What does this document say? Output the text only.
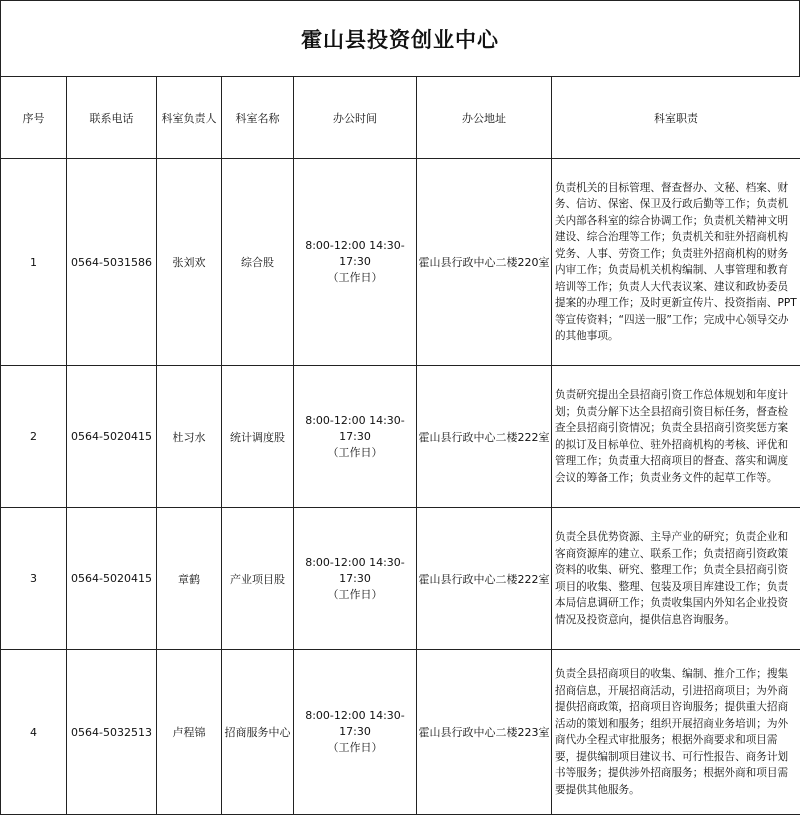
霍山县投资创业中心
序号	联系电话	科室负责人	科室名称	办公时间	办公地址	科室职责
1	0564-5031586	张刘欢	综合股	8:00-12:00 14:30-17:30
（工作日）	霍山县行政中心二楼220室	负责机关的目标管理、督查督办、文秘、档案、财务、信访、保密、保卫及行政后勤等工作；负责机关内部各科室的综合协调工作；负责机关精神文明建设、综合治理等工作；负责机关和驻外招商机构党务、人事、劳资工作；负责驻外招商机构的财务内审工作；负责局机关机构编制、人事管理和教育培训等工作；负责人大代表议案、建议和政协委员提案的办理工作；及时更新宣传片、投资指南、PPT等宣传资料；“四送一服”工作；完成中心领导交办的其他事项。
2	0564-5020415	杜习水	统计调度股	8:00-12:00 14:30-17:30
（工作日）	霍山县行政中心二楼222室	负责研究提出全县招商引资工作总体规划和年度计划；负责分解下达全县招商引资目标任务，督查检查全县招商引资情况；负责全县招商引资奖惩方案的拟订及目标单位、驻外招商机构的考核、评优和管理工作；负责重大招商项目的督查、落实和调度会议的筹备工作；负责业务文件的起草工作等。
3	0564-5020415	章鹤	产业项目股	8:00-12:00 14:30-17:30
（工作日）	霍山县行政中心二楼222室	负责全县优势资源、主导产业的研究；负责企业和客商资源库的建立、联系工作；负责招商引资政策资料的收集、研究、整理工作；负责全县招商引资项目的收集、整理、包装及项目库建设工作；负责本局信息调研工作；负责收集国内外知名企业投资情况及投资意向，提供信息咨询服务。
4	0564-5032513	卢程锦	招商服务中心	8:00-12:00 14:30-17:30
（工作日）	霍山县行政中心二楼223室	负责全县招商项目的收集、编制、推介工作；搜集招商信息，开展招商活动，引进招商项目；为外商提供招商政策，招商项目咨询服务；提供重大招商活动的策划和服务；组织开展招商业务培训；为外商代办全程式审批服务；根据外商要求和项目需要，提供编制项目建议书、可行性报告、商务计划书等服务；提供涉外招商服务；根据外商和项目需要提供其他服务。
